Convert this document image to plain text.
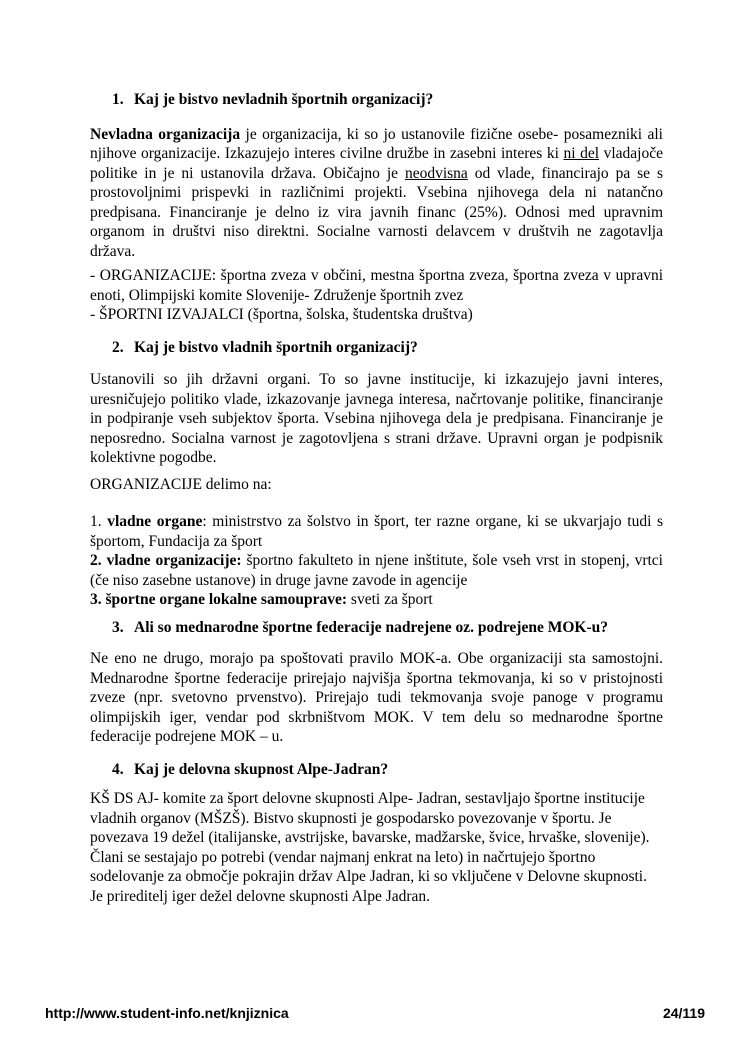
1. Kaj je bistvo nevladnih športnih organizacij?

Nevladna organizacija je organizacija, ki so jo ustanovile fizične osebe- posamezniki ali njihove organizacije. Izkazujejo interes civilne družbe in zasebni interes ki ni del vladajoče politike in je ni ustanovila država. Običajno je neodvisna od vlade, financirajo pa se s prostovoljnimi prispevki in različnimi projekti. Vsebina njihovega dela ni natančno predpisana. Financiranje je delno iz vira javnih financ (25%). Odnosi med upravnim organom in društvi niso direktni. Socialne varnosti delavcem v društvih ne zagotavlja država.

- ORGANIZACIJE: športna zveza v občini, mestna športna zveza, športna zveza v upravni enoti, Olimpijski komite Slovenije- Združenje športnih zvez

- ŠPORTNI IZVAJALCI (športna, šolska, študentska društva)

2. Kaj je bistvo vladnih športnih organizacij?

Ustanovili so jih državni organi. To so javne institucije, ki izkazujejo javni interes, uresničujejo politiko vlade, izkazovanje javnega interesa, načrtovanje politike, financiranje in podpiranje vseh subjektov športa. Vsebina njihovega dela je predpisana. Financiranje je neposredno. Socialna varnost je zagotovljena s strani države. Upravni organ je podpisnik kolektivne pogodbe.

ORGANIZACIJE delimo na:

1. vladne organe: ministrstvo za šolstvo in šport, ter razne organe, ki se ukvarjajo tudi s športom, Fundacija za šport

2. vladne organizacije: športno fakulteto in njene inštitute, šole vseh vrst in stopenj, vrtci (če niso zasebne ustanove) in druge javne zavode in agencije

3. športne organe lokalne samouprave: sveti za šport

3. Ali so mednarodne športne federacije nadrejene oz. podrejene MOK-u?

Ne eno ne drugo, morajo pa spoštovati pravilo MOK-a. Obe organizaciji sta samostojni. Mednarodne športne federacije prirejajo najvišja športna tekmovanja, ki so v pristojnosti zveze (npr. svetovno prvenstvo). Prirejajo tudi tekmovanja svoje panoge v programu olimpijskih iger, vendar pod skrbništvom MOK. V tem delu so mednarodne športne federacije podrejene MOK – u.

4. Kaj je delovna skupnost Alpe-Jadran?

KŠ DS AJ- komite za šport delovne skupnosti Alpe- Jadran, sestavljajo športne institucije vladnih organov (MŠZŠ). Bistvo skupnosti je gospodarsko povezovanje v športu. Je povezava 19 dežel (italijanske, avstrijske, bavarske, madžarske, švice, hrvaške, slovenije). Člani se sestajajo po potrebi (vendar najmanj enkrat na leto) in načrtujejo športno sodelovanje za območje pokrajin držav Alpe Jadran, ki so vključene v Delovne skupnosti. Je prireditelj iger dežel delovne skupnosti Alpe Jadran.

http://www.student-info.net/knjiznica	24/119
